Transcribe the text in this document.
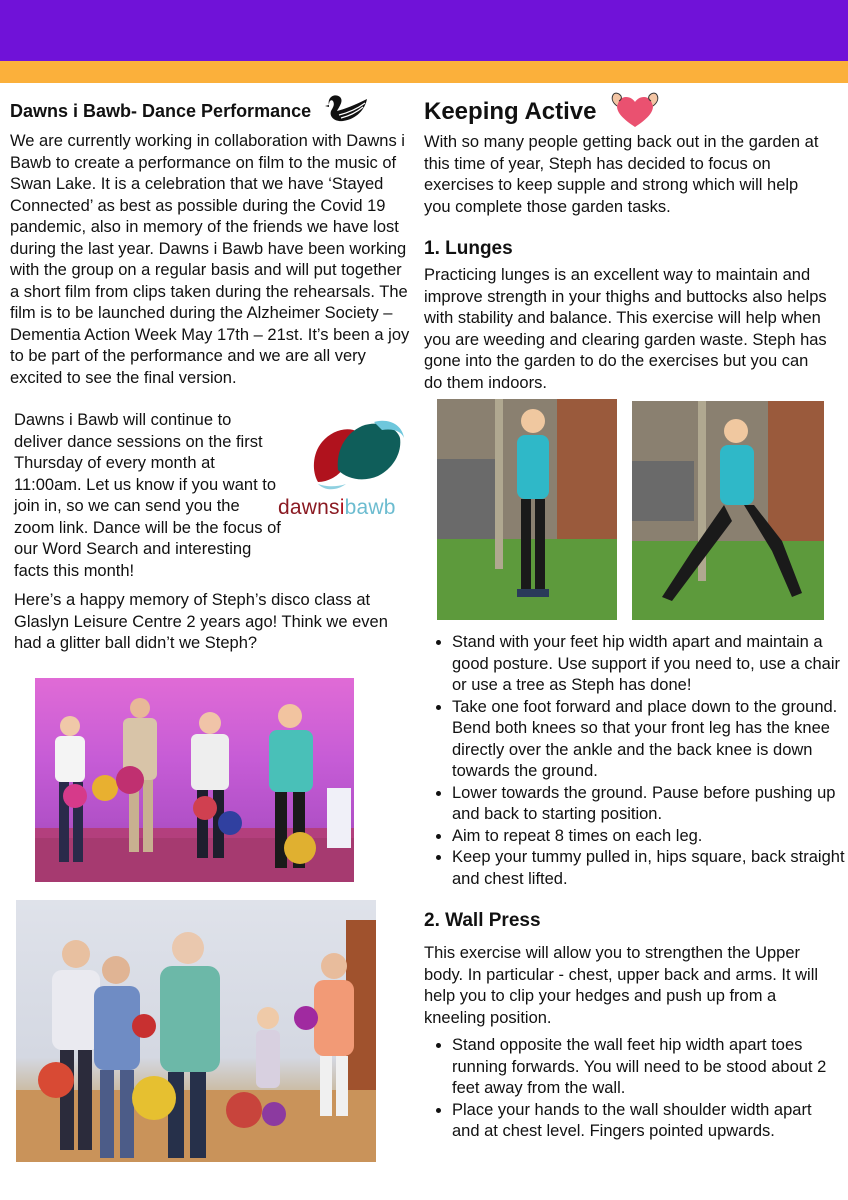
Dawns i Bawb- Dance Performance

We are currently working in collaboration with Dawns i Bawb to create a performance on film to the music of Swan Lake. It is a celebration that we have ‘Stayed Connected’ as best as possible during the Covid 19 pandemic, also in memory of the friends we have lost during the last year. Dawns i Bawb have been working with the group on a regular basis and will put together a short film from clips taken during the rehearsals. The film is to be launched during the Alzheimer Society – Dementia Action Week May 17th – 21st. It’s been a joy to be part of the performance and we are all very excited to see the final version.

Dawns i Bawb will continue to deliver dance sessions on the first Thursday of every month at 11:00am. Let us know if you want to join in, so we can send you the zoom link. Dance will be the focus of our Word Search and interesting facts this month!

dawnsibawb

Here’s a happy memory of Steph’s disco class at Glaslyn Leisure Centre 2 years ago! Think we even had a glitter ball didn’t we Steph?

Keeping Active

With so many people getting back out in the garden at this time of year, Steph has decided to focus on exercises to keep supple and strong which will help you complete those garden tasks.

1. Lunges

Practicing lunges is an excellent way to maintain and improve strength in your thighs and buttocks also helps with stability and balance. This exercise will help when you are weeding and clearing garden waste. Steph has gone into the garden to do the exercises but you can do them indoors.

• Stand with your feet hip width apart and maintain a good posture. Use support if you need to, use a chair or use a tree as Steph has done!
• Take one foot forward and place down to the ground. Bend both knees so that your front leg has the knee directly over the ankle and the back knee is down towards the ground.
• Lower towards the ground. Pause before pushing up and back to starting position.
• Aim to repeat 8 times on each leg.
• Keep your tummy pulled in, hips square, back straight and chest lifted.
2. Wall Press

This exercise will allow you to strengthen the Upper body. In particular - chest, upper back and arms. It will help you to clip your hedges and push up from a kneeling position.

• Stand opposite the wall feet hip width apart toes running forwards. You will need to be stood about 2 feet away from the wall.
• Place your hands to the wall shoulder width apart and at chest level. Fingers pointed upwards.
